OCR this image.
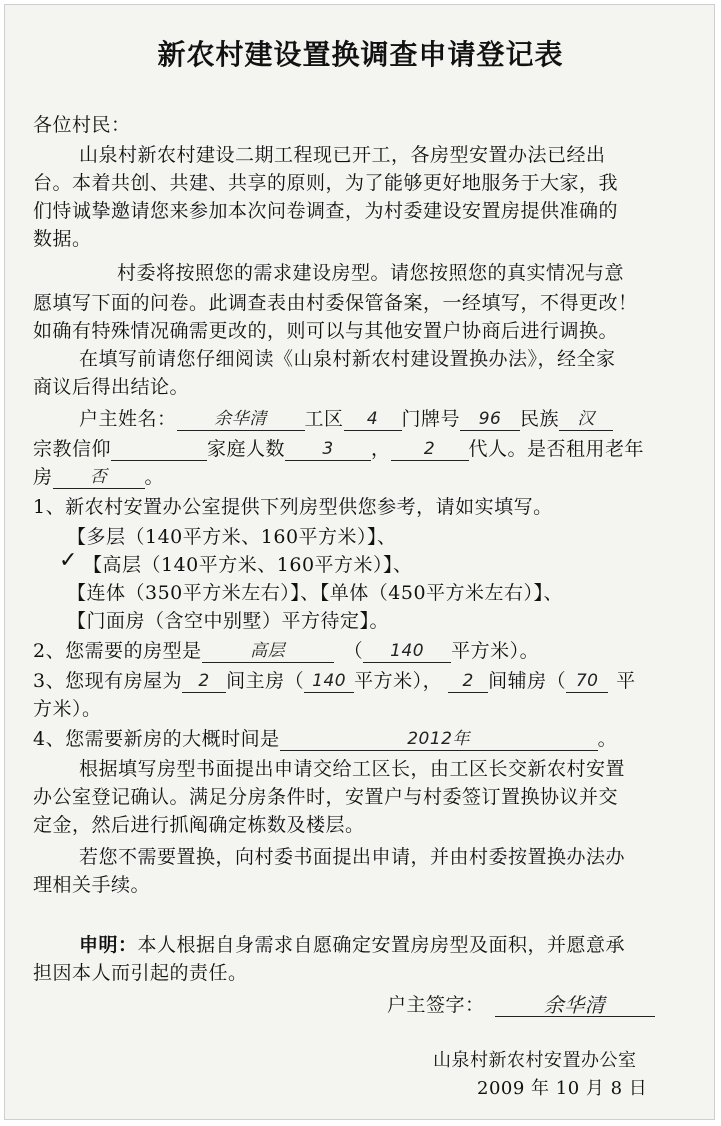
新农村建设置换调查申请登记表
各位村民：
山泉村新农村建设二期工程现已开工，各房型安置办法已经出
台。本着共创、共建、共享的原则，为了能够更好地服务于大家，我
们恃诚挚邀请您来参加本次问卷调查，为村委建设安置房提供准确的
数据。
村委将按照您的需求建设房型。请您按照您的真实情况与意
愿填写下面的问卷。此调查表由村委保管备案，一经填写，不得更改！
如确有特殊情况确需更改的，则可以与其他安置户协商后进行调换。
在填写前请您仔细阅读《山泉村新农村建设置换办法》，经全家
商议后得出结论。
户主姓名：	余华清	工区	4	门牌号	96 民族	汉
宗教信仰	家庭人数	3	，	2	代人。是否租用老年
房	否	。
1、新农村安置办公室提供下列房型供您参考，请如实填写。
【多层（140平方米、160平方米）】、
✓ 【高层（140平方米、160平方米）】、
【连体（350平方米左右）】、【单体（450平方米左右）】、
【门面房（含空中别墅）平方待定】。
2、您需要的房型是	高层	（	140	平方米）。
3、您现有房屋为 2 间主房（ 140 平方米），	2 间辅房（ 70 平
方米）。
4、您需要新房的大概时间是	2012年	。
根据填写房型书面提出申请交给工区长，由工区长交新农村安置
办公室登记确认。满足分房条件时，安置户与村委签订置换协议并交
定金，然后进行抓阄确定栋数及楼层。
若您不需要置换，向村委书面提出申请，并由村委按置换办法办
理相关手续。
申明：本人根据自身需求自愿确定安置房房型及面积，并愿意承
担因本人而引起的责任。
户主签字：	余华清
山泉村新农村安置办公室
2009 年 10 月 8 日
